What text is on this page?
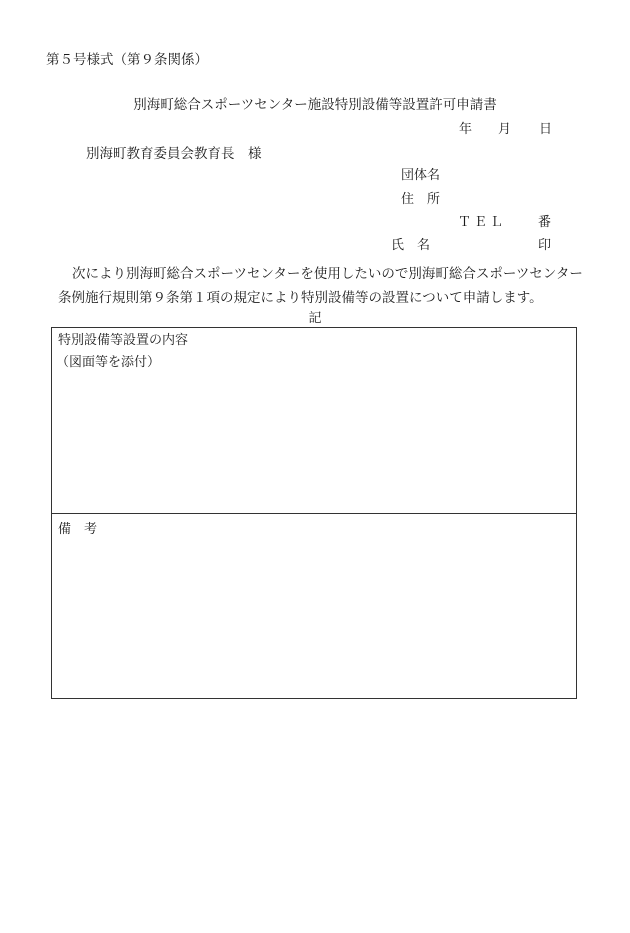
第５号様式（第９条関係）
別海町総合スポーツセンター施設特別設備等設置許可申請書
年 月 日
別海町教育委員会教育長　様
団体名
住　所
ＴＥＬ 番
氏　名	印
次により別海町総合スポーツセンターを使用したいので別海町総合スポーツセンター条例施行規則第９条第１項の規定により特別設備等の設置について申請します。
記
特別設備等設置の内容
（図面等を添付）
備　考
